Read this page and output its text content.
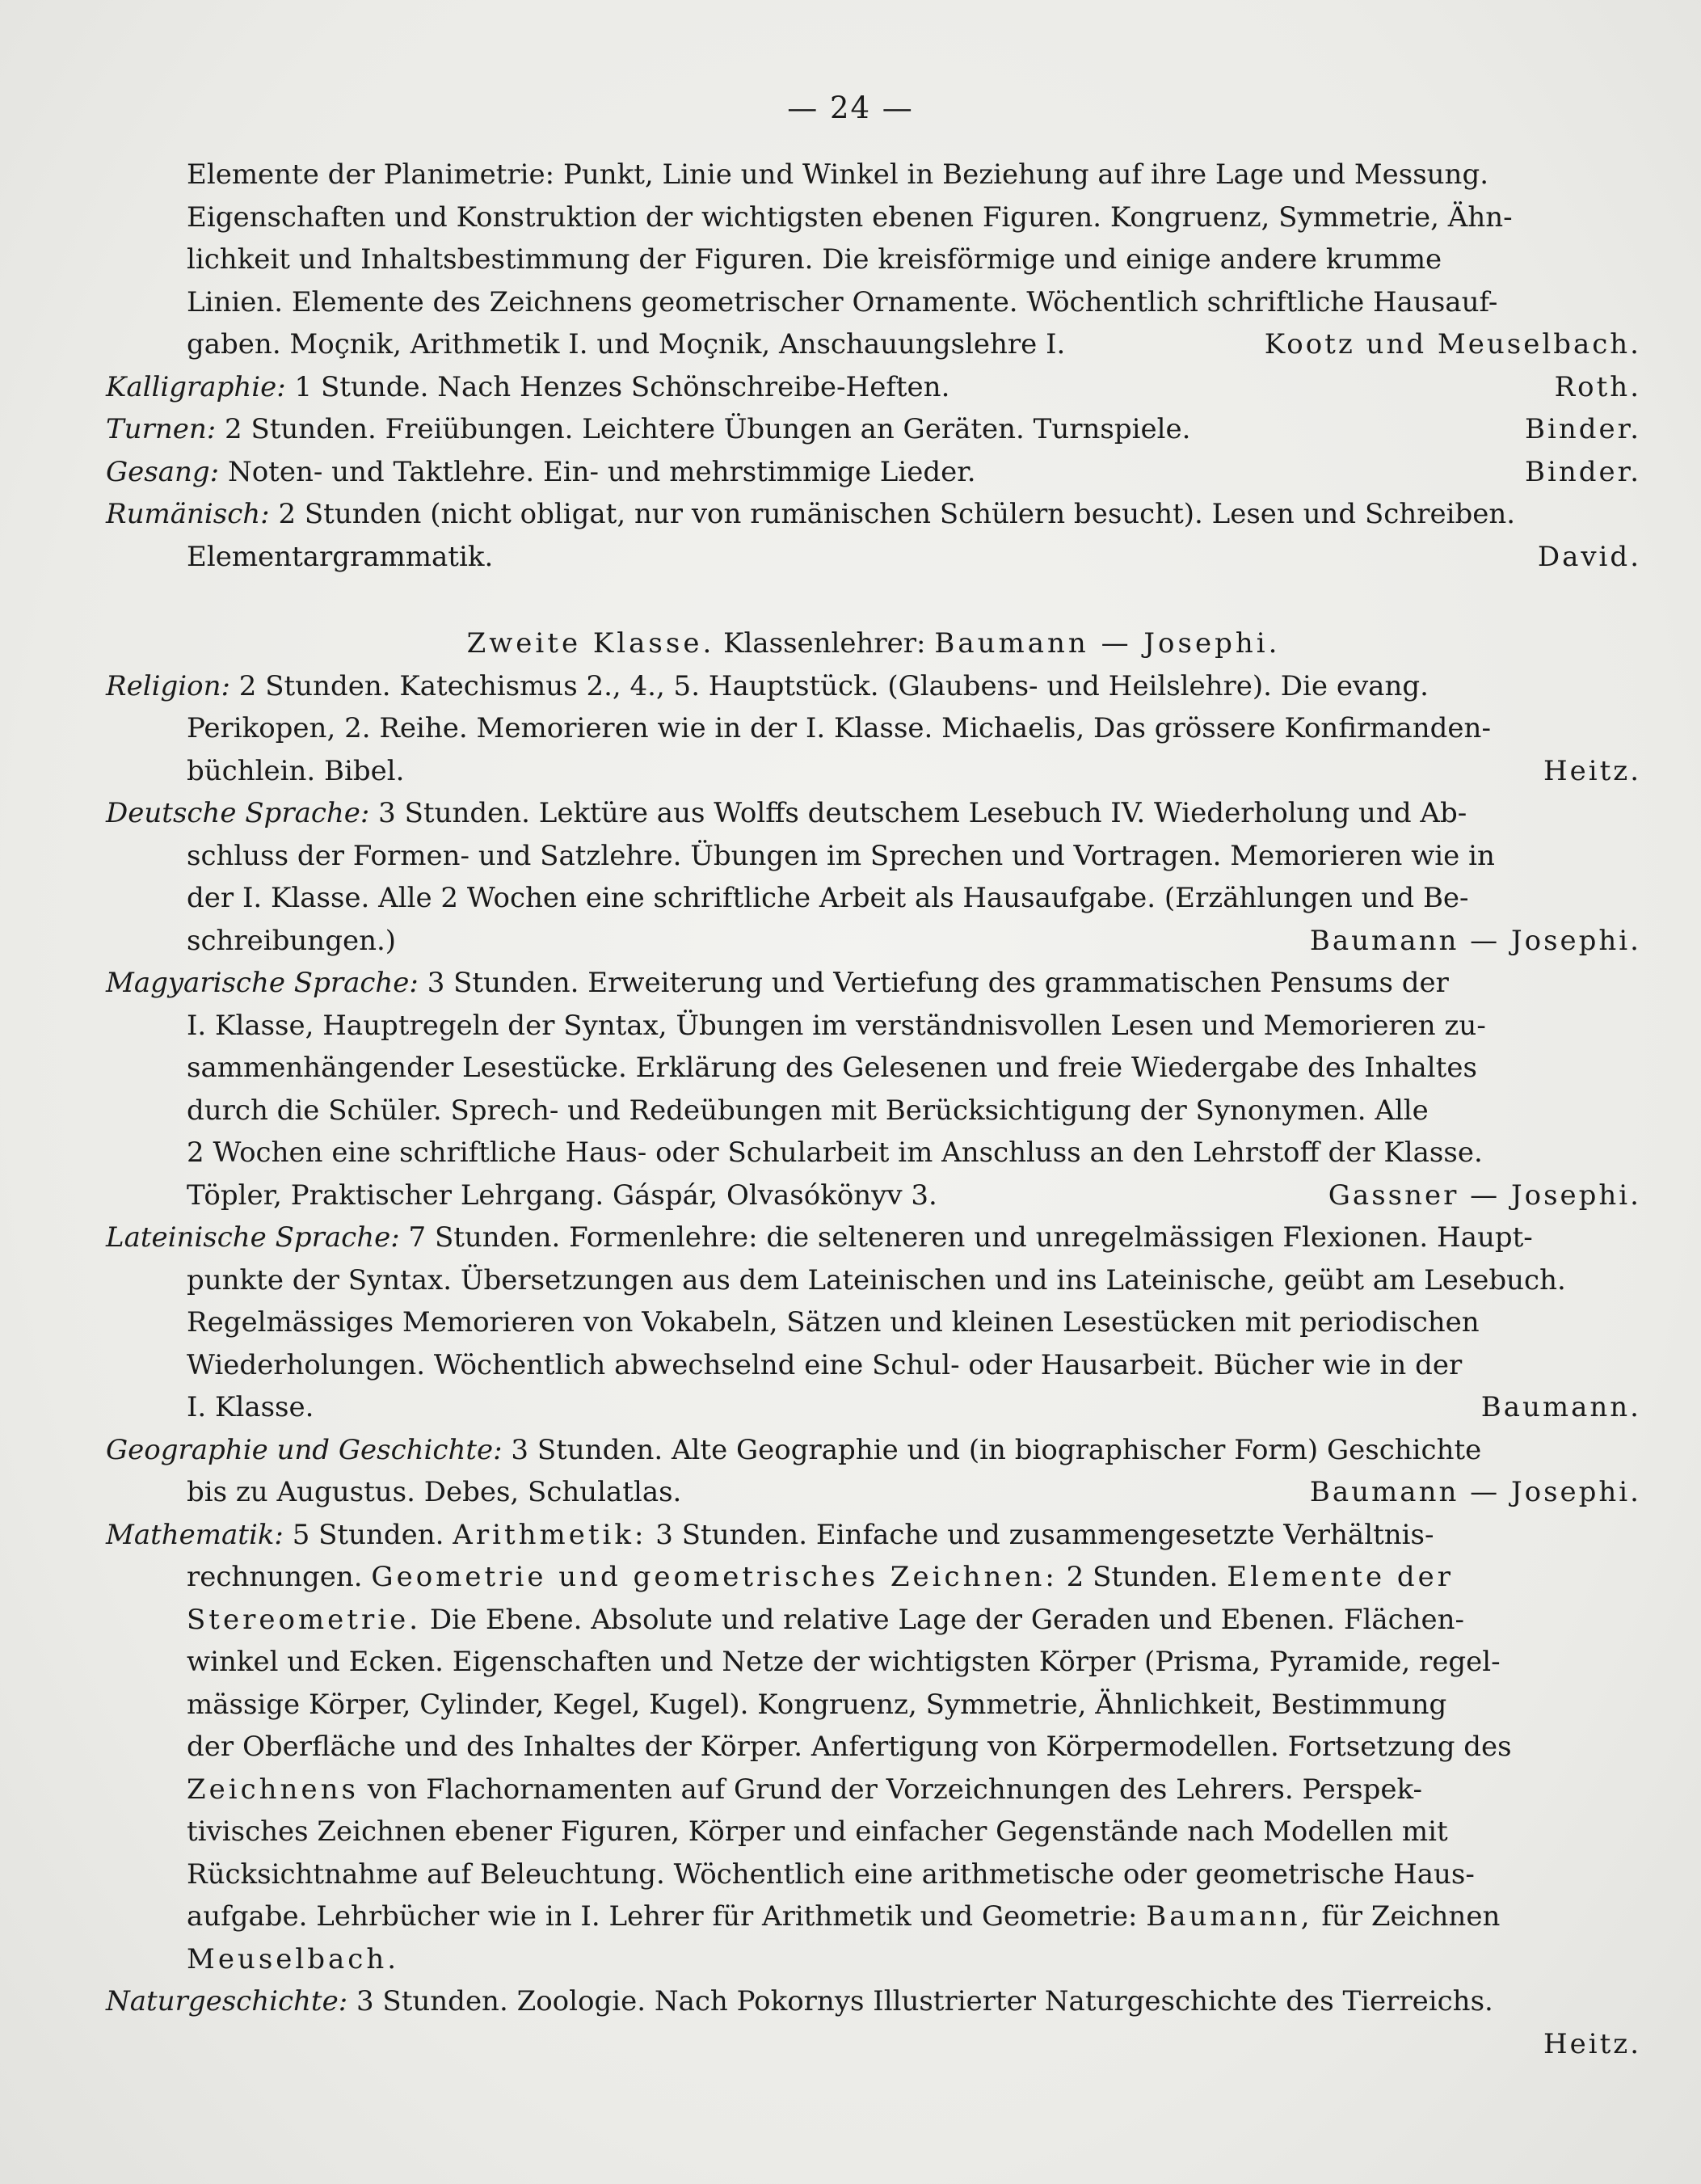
— 24 —
Elemente der Planimetrie: Punkt, Linie und Winkel in Beziehung auf ihre Lage und Messung.
Eigenschaften und Konstruktion der wichtigsten ebenen Figuren. Kongruenz, Symmetrie, Ähn-
lichkeit und Inhaltsbestimmung der Figuren. Die kreisförmige und einige andere krumme
Linien. Elemente des Zeichnens geometrischer Ornamente. Wöchentlich schriftliche Hausauf-
gaben. Moçnik, Arithmetik I. und Moçnik, Anschauungslehre I.	Kootz und Meuselbach.
Kalligraphie: 1 Stunde. Nach Henzes Schönschreibe-Heften.	Roth.
Turnen: 2 Stunden. Freiübungen. Leichtere Übungen an Geräten. Turnspiele.	Binder.
Gesang: Noten- und Taktlehre. Ein- und mehrstimmige Lieder.	Binder.
Rumänisch: 2 Stunden (nicht obligat, nur von rumänischen Schülern besucht). Lesen und Schreiben.
Elementargrammatik.	David.
Zweite Klasse. Klassenlehrer: Baumann — Josephi.
Religion: 2 Stunden. Katechismus 2., 4., 5. Hauptstück. (Glaubens- und Heilslehre). Die evang.
Perikopen, 2. Reihe. Memorieren wie in der I. Klasse. Michaelis, Das grössere Konfirmanden-
büchlein. Bibel.	Heitz.
Deutsche Sprache: 3 Stunden. Lektüre aus Wolffs deutschem Lesebuch IV. Wiederholung und Ab-
schluss der Formen- und Satzlehre. Übungen im Sprechen und Vortragen. Memorieren wie in
der I. Klasse. Alle 2 Wochen eine schriftliche Arbeit als Hausaufgabe. (Erzählungen und Be-
schreibungen.)	Baumann — Josephi.
Magyarische Sprache: 3 Stunden. Erweiterung und Vertiefung des grammatischen Pensums der
I. Klasse, Hauptregeln der Syntax, Übungen im verständnisvollen Lesen und Memorieren zu-
sammenhängender Lesestücke. Erklärung des Gelesenen und freie Wiedergabe des Inhaltes
durch die Schüler. Sprech- und Redeübungen mit Berücksichtigung der Synonymen. Alle
2 Wochen eine schriftliche Haus- oder Schularbeit im Anschluss an den Lehrstoff der Klasse.
Töpler, Praktischer Lehrgang. Gáspár, Olvasókönyv 3.	Gassner — Josephi.
Lateinische Sprache: 7 Stunden. Formenlehre: die selteneren und unregelmässigen Flexionen. Haupt-
punkte der Syntax. Übersetzungen aus dem Lateinischen und ins Lateinische, geübt am Lesebuch.
Regelmässiges Memorieren von Vokabeln, Sätzen und kleinen Lesestücken mit periodischen
Wiederholungen. Wöchentlich abwechselnd eine Schul- oder Hausarbeit. Bücher wie in der
I. Klasse.	Baumann.
Geographie und Geschichte: 3 Stunden. Alte Geographie und (in biographischer Form) Geschichte
bis zu Augustus. Debes, Schulatlas.	Baumann — Josephi.
Mathematik: 5 Stunden. Arithmetik: 3 Stunden. Einfache und zusammengesetzte Verhältnis-
rechnungen. Geometrie und geometrisches Zeichnen: 2 Stunden. Elemente der
Stereometrie. Die Ebene. Absolute und relative Lage der Geraden und Ebenen. Flächen-
winkel und Ecken. Eigenschaften und Netze der wichtigsten Körper (Prisma, Pyramide, regel-
mässige Körper, Cylinder, Kegel, Kugel). Kongruenz, Symmetrie, Ähnlichkeit, Bestimmung
der Oberfläche und des Inhaltes der Körper. Anfertigung von Körpermodellen. Fortsetzung des
Zeichnens von Flachornamenten auf Grund der Vorzeichnungen des Lehrers. Perspek-
tivisches Zeichnen ebener Figuren, Körper und einfacher Gegenstände nach Modellen mit
Rücksichtnahme auf Beleuchtung. Wöchentlich eine arithmetische oder geometrische Haus-
aufgabe. Lehrbücher wie in I. Lehrer für Arithmetik und Geometrie: Baumann, für Zeichnen
Meuselbach.
Naturgeschichte: 3 Stunden. Zoologie. Nach Pokornys Illustrierter Naturgeschichte des Tierreichs.
Heitz.
